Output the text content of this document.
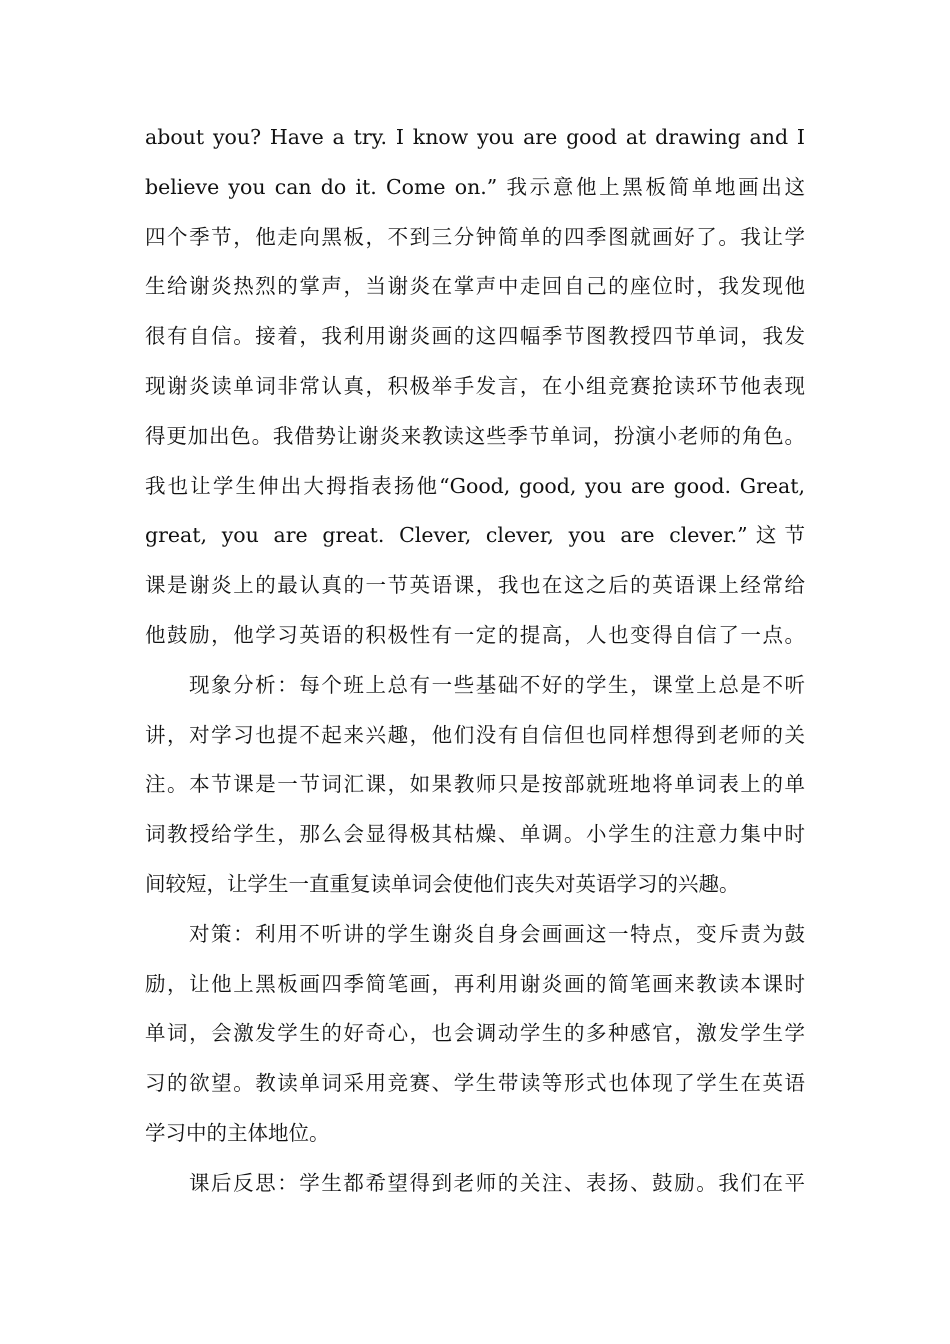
about you? Have a try. I know you are good at drawing and I
believe you can do it. Come on.” 我示意他上黑板简单地画出这
四个季节，他走向黑板，不到三分钟简单的四季图就画好了。我让学
生给谢炎热烈的掌声，当谢炎在掌声中走回自己的座位时，我发现他
很有自信。接着，我利用谢炎画的这四幅季节图教授四节单词，我发
现谢炎读单词非常认真，积极举手发言，在小组竞赛抢读环节他表现
得更加出色。我借势让谢炎来教读这些季节单词，扮演小老师的角色。
我也让学生伸出大拇指表扬他“Good, good, you are good. Great,
great, you are great. Clever, clever, you are clever.”这节
课是谢炎上的最认真的一节英语课，我也在这之后的英语课上经常给
他鼓励，他学习英语的积极性有一定的提高，人也变得自信了一点。
现象分析：每个班上总有一些基础不好的学生，课堂上总是不听
讲，对学习也提不起来兴趣，他们没有自信但也同样想得到老师的关
注。本节课是一节词汇课，如果教师只是按部就班地将单词表上的单
词教授给学生，那么会显得极其枯燥、单调。小学生的注意力集中时
间较短，让学生一直重复读单词会使他们丧失对英语学习的兴趣。
对策：利用不听讲的学生谢炎自身会画画这一特点，变斥责为鼓
励，让他上黑板画四季简笔画，再利用谢炎画的简笔画来教读本课时
单词，会激发学生的好奇心，也会调动学生的多种感官，激发学生学
习的欲望。教读单词采用竞赛、学生带读等形式也体现了学生在英语
学习中的主体地位。
课后反思：学生都希望得到老师的关注、表扬、鼓励。我们在平
